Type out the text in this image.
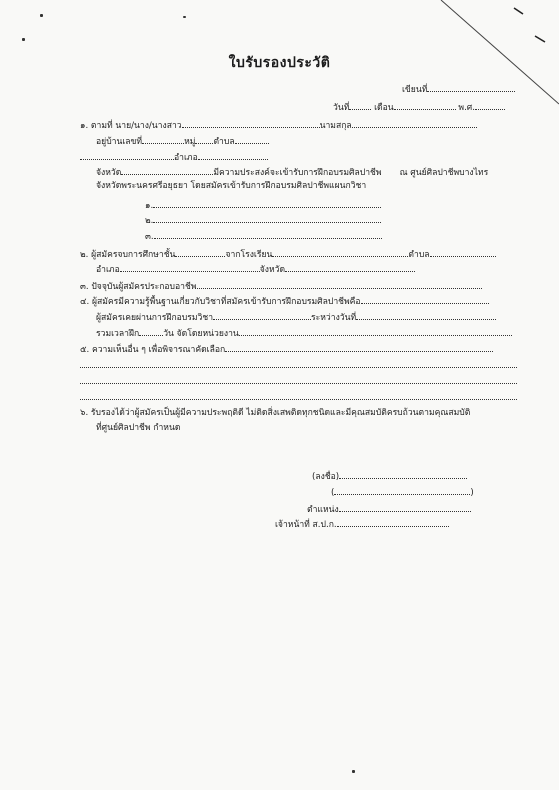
ใบรับรองประวัติ
เขียนที่
วันที่	เดือน	พ.ศ.
๑. ตามที่ นาย/นาง/นางสาว	นามสกุล
อยู่บ้านเลขที่	หมู่ ตำบล
อำเภอ
จังหวัด	มีความประสงค์จะเข้ารับการฝึกอบรมศิลปาชีพ ณ ศูนย์ศิลปาชีพบางไทร
จังหวัดพระนครศรีอยุธยา โดยสมัครเข้ารับการฝึกอบรมศิลปาชีพแผนกวิชา
๑.
๒.
๓.
๒. ผู้สมัครจบการศึกษาชั้น	จากโรงเรียน	ตำบล
อำเภอ	จังหวัด
๓. ปัจจุบันผู้สมัครประกอบอาชีพ
๔. ผู้สมัครมีความรู้พื้นฐานเกี่ยวกับวิชาที่สมัครเข้ารับการฝึกอบรมศิลปาชีพคือ
ผู้สมัครเคยผ่านการฝึกอบรมวิชา	ระหว่างวันที่
รวมเวลาฝึก	วัน จัดโดยหน่วยงาน
๕. ความเห็นอื่น ๆ เพื่อพิจารณาคัดเลือก
๖. รับรองได้ว่าผู้สมัครเป็นผู้มีความประพฤติดี ไม่ติดสิ่งเสพติดทุกชนิดและมีคุณสมบัติครบถ้วนตามคุณสมบัติ
ที่ศูนย์ศิลปาชีพ กำหนด
(ลงชื่อ)
(	)
ตำแหน่ง
เจ้าหน้าที่ ส.ป.ก.
